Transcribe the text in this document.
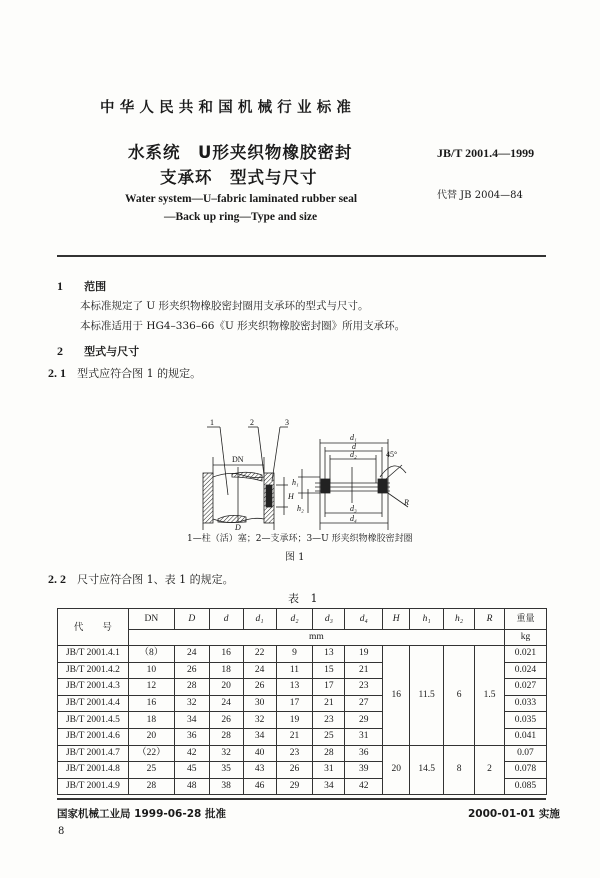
中华人民共和国机械行业标准
水系统　U形夹织物橡胶密封
支承环　型式与尺寸
Water system—U–fabric laminated rubber seal
—Back up ring—Type and size
JB/T 2001.4—1999
代替 JB 2004—84
1 范围
本标准规定了 U 形夹织物橡胶密封圈用支承环的型式与尺寸。
本标准适用于 HG4–336–66《U 形夹织物橡胶密封圈》所用支承环。
2 型式与尺寸
2. 1 型式应符合图 1 的规定。
1	2	3
DN
D
H
h₁
h₂
d₁
d
d₂
d₃
d₄
45°
R
1—柱（活）塞；2—支承环；3—U 形夹织物橡胶密封圈
图 1
2. 2 尺寸应符合图 1、表 1 的规定。
表 1
代　　号	DN	D	d	d₁	d₂	d₃	d₄	H	h₁	h₂	R	重量
	mm											kg
JB/T 2001.4.1	（8）	24	16	22	9	13	19	16	11.5	6	1.5	0.021
JB/T 2001.4.2	10	26	18	24	11	15	21					0.024
JB/T 2001.4.3	12	28	20	26	13	17	23					0.027
JB/T 2001.4.4	16	32	24	30	17	21	27					0.033
JB/T 2001.4.5	18	34	26	32	19	23	29					0.035
JB/T 2001.4.6	20	36	28	34	21	25	31					0.041
JB/T 2001.4.7	（22）	42	32	40	23	28	36	20	14.5	8	2	0.07
JB/T 2001.4.8	25	45	35	43	26	31	39					0.078
JB/T 2001.4.9	28	48	38	46	29	34	42					0.085
国家机械工业局 1999-06-28 批准	2000-01-01 实施
8
